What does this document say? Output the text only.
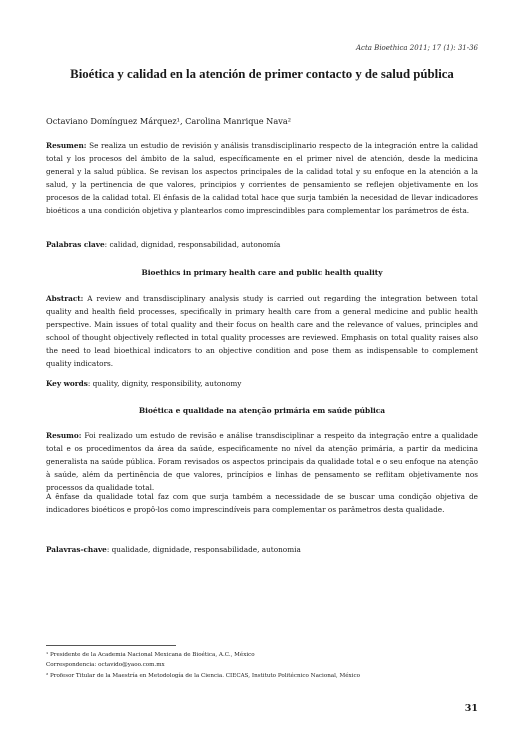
Acta Bioethica 2011; 17 (1): 31-36
Bioética y calidad en la atención de primer contacto y de salud pública

Octaviano Domínguez Márquez¹, Carolina Manrique Nava²

Resumen: Se realiza un estudio de revisión y análisis transdisciplinario respecto de la integración entre la calidad total y los procesos del ámbito de la salud, específicamente en el primer nivel de atención, desde la medicina general y la salud pública. Se revisan los aspectos principales de la calidad total y su enfoque en la atención a la salud, y la pertinencia de que valores, principios y corrientes de pensamiento se reflejen objetivamente en los procesos de la calidad total. El énfasis de la calidad total hace que surja también la necesidad de llevar indicadores bioéticos a una condición objetiva y plantearlos como imprescindibles para complementar los parámetros de ésta.

Palabras clave: calidad, dignidad, responsabilidad, autonomía

Bioethics in primary health care and public health quality

Abstract: A review and transdisciplinary analysis study is carried out regarding the integration between total quality and health field processes, specifically in primary health care from a general medicine and public health perspective. Main issues of total quality and their focus on health care and the relevance of values, principles and school of thought objectively reflected in total quality processes are reviewed. Emphasis on total quality raises also the need to lead bioethical indicators to an objective condition and pose them as indispensable to complement quality indicators.

Key words: quality, dignity, responsibility, autonomy

Bioética e qualidade na atenção primária em saúde pública

Resumo: Foi realizado um estudo de revisão e análise transdisciplinar a respeito da integração entre a qualidade total e os procedimentos da área da saúde, especificamente no nível da atenção primária, a partir da medicina generalista na saúde pública. Foram revisados os aspectos principais da qualidade total e o seu enfoque na atenção à saúde, além da pertinência de que valores, princípios e linhas de pensamento se reflitam objetivamente nos processos da qualidade total.

A ênfase da qualidade total faz com que surja também a necessidade de se buscar uma condição objetiva de indicadores bioéticos e propô-los como imprescindíveis para complementar os parâmetros desta qualidade.

Palavras-chave: qualidade, dignidade, responsabilidade, autonomia

¹ Presidente de la Academia Nacional Mexicana de Bioética, A.C., México
Correspondencia: octavido@yaoo.com.mx
² Profesor Titular de la Maestría en Metodología de la Ciencia. CIECAS, Instituto Politécnico Nacional, México
31
